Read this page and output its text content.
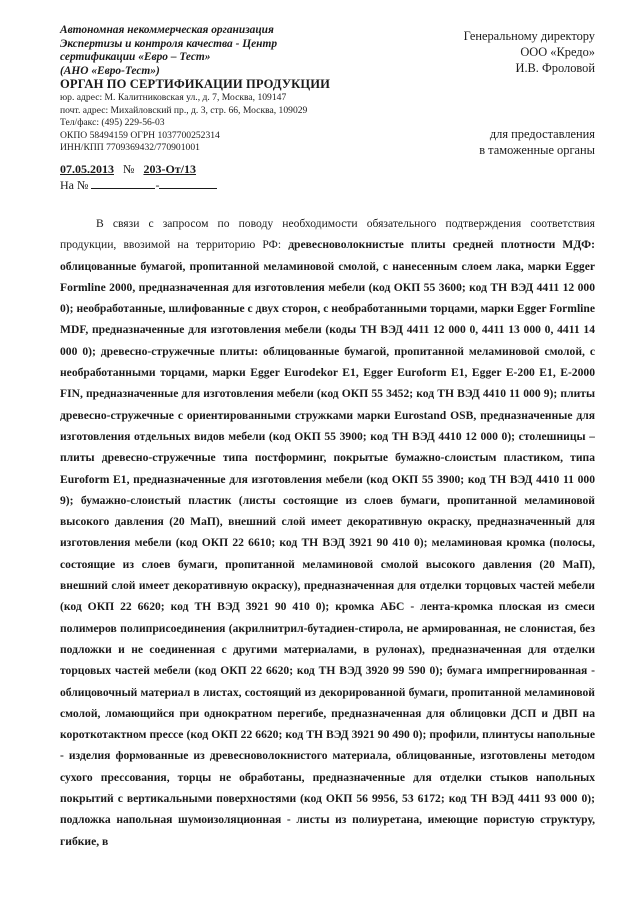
Автономная некоммерческая организация
Экспертизы и контроля качества - Центр
сертификации «Евро – Тест»
(АНО «Евро-Тест»)
ОРГАН ПО СЕРТИФИКАЦИИ ПРОДУКЦИИ
юр. адрес: М. Калитниковская ул., д. 7, Москва, 109147
почт. адрес: Михайловский пр., д. 3, стр. 66, Москва, 109029
Тел/факс: (495) 229-56-03
ОКПО 58494159 ОГРН 1037700252314
ИНН/КПП 7709369432/770901001
Генеральному директору
ООО «Кредо»
И.В. Фроловой
для предоставления
в таможенные органы
07.05.2013 № 203-От/13
На №	-

В связи с запросом по поводу необходимости обязательного подтверждения соответствия продукции, ввозимой на территорию РФ: древесноволокнистые плиты средней плотности МДФ: облицованные бумагой, пропитанной меламиновой смолой, с нанесенным слоем лака, марки Egger Formline 2000, предназначенная для изготовления мебели (код ОКП 55 3600; код ТН ВЭД 4411 12 000 0); необработанные, шлифованные с двух сторон, с необработанными торцами, марки Egger Formline MDF, предназначенные для изготовления мебели (коды ТН ВЭД 4411 12 000 0, 4411 13 000 0, 4411 14 000 0); древесно-стружечные плиты: облицованные бумагой, пропитанной меламиновой смолой, с необработанными торцами, марки Egger Eurodekor E1, Egger Euroform E1, Egger E-200 E1, E-2000 FIN, предназначенные для изготовления мебели (код ОКП 55 3452; код ТН ВЭД 4410 11 000 9); плиты древесно-стружечные с ориентированными стружками марки Eurostand OSB, предназначенные для изготовления отдельных видов мебели (код ОКП 55 3900; код ТН ВЭД 4410 12 000 0); столешницы – плиты древесно-стружечные типа постформинг, покрытые бумажно-слоистым пластиком, типа Euroform E1, предназначенные для изготовления мебели (код ОКП 55 3900; код ТН ВЭД 4410 11 000 9); бумажно-слоистый пластик (листы состоящие из слоев бумаги, пропитанной меламиновой высокого давления (20 МаП), внешний слой имеет декоративную окраску, предназначенный для изготовления мебели (код ОКП 22 6610; код ТН ВЭД 3921 90 410 0); меламиновая кромка (полосы, состоящие из слоев бумаги, пропитанной меламиновой смолой высокого давления (20 МаП), внешний слой имеет декоративную окраску), предназначенная для отделки торцовых частей мебели (код ОКП 22 6620; код ТН ВЭД 3921 90 410 0); кромка АБС - лента-кромка плоская из смеси полимеров полиприсоединения (акрилнитрил-бутадиен-стирола, не армированная, не слонистая, без подложки и не соединенная с другими материалами, в рулонах), предназначенная для отделки торцовых частей мебели (код ОКП 22 6620; код ТН ВЭД 3920 99 590 0); бумага импрегнированная - облицовочный материал в листах, состоящий из декорированной бумаги, пропитанной меламиновой смолой, ломающийся при однократном перегибе, предназначенная для облицовки ДСП и ДВП на короткотактном прессе (код ОКП 22 6620; код ТН ВЭД 3921 90 490 0); профили, плинтусы напольные - изделия формованные из древесноволокнистого материала, облицованные, изготовлены методом сухого прессования, торцы не обработаны, предназначенные для отделки стыков напольных покрытий с вертикальными поверхностями (код ОКП 56 9956, 53 6172; код ТН ВЭД 4411 93 000 0); подложка напольная шумоизоляционная - листы из полиуретана, имеющие пористую структуру, гибкие, в
